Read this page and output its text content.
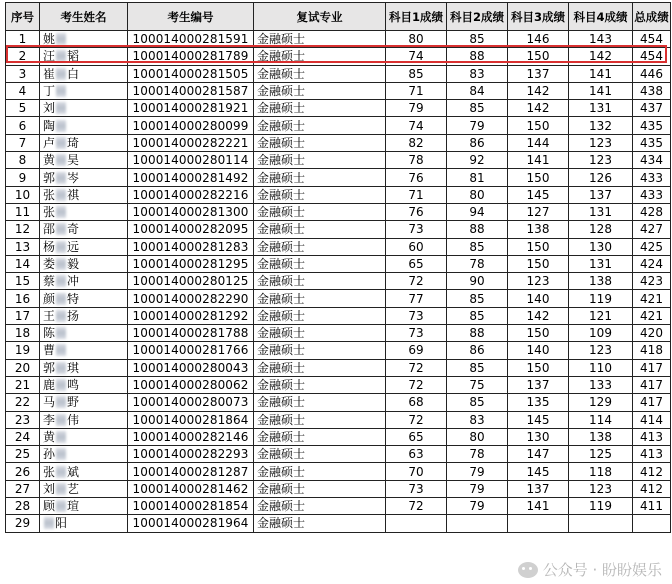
序号	考生姓名	考生编号	复试专业	科目1成绩	科目2成绩	科目3成绩	科目4成绩	总成绩
1	姚	100014000281591	金融硕士	80	85	146	143	454
2	汪 韬	100014000281789	金融硕士	74	88	150	142	454
3	崔 白	100014000281505	金融硕士	85	83	137	141	446
4	丁	100014000281587	金融硕士	71	84	142	141	438
5	刘	100014000281921	金融硕士	79	85	142	131	437
6	陶	100014000280099	金融硕士	74	79	150	132	435
7	卢 琦	100014000282221	金融硕士	82	86	144	123	435
8	黄 昊	100014000280114	金融硕士	78	92	141	123	434
9	郭 岑	100014000281492	金融硕士	76	81	150	126	433
10	张 祺	100014000282216	金融硕士	71	80	145	137	433
11	张	100014000281300	金融硕士	76	94	127	131	428
12	邵 奇	100014000282095	金融硕士	73	88	138	128	427
13	杨 远	100014000281283	金融硕士	60	85	150	130	425
14	娄 毅	100014000281295	金融硕士	65	78	150	131	424
15	蔡 冲	100014000280125	金融硕士	72	90	123	138	423
16	颜 特	100014000282290	金融硕士	77	85	140	119	421
17	王 扬	100014000281292	金融硕士	73	85	142	121	421
18	陈	100014000281788	金融硕士	73	88	150	109	420
19	曹	100014000281766	金融硕士	69	86	140	123	418
20	郭 琪	100014000280043	金融硕士	72	85	150	110	417
21	鹿 鸣	100014000280062	金融硕士	72	75	137	133	417
22	马 野	100014000280073	金融硕士	68	85	135	129	417
23	李 伟	100014000281864	金融硕士	72	83	145	114	414
24	黄	100014000282146	金融硕士	65	80	130	138	413
25	孙	100014000282293	金融硕士	63	78	147	125	413
26	张 斌	100014000281287	金融硕士	70	79	145	118	412
27	刘 艺	100014000281462	金融硕士	73	79	137	123	412
28	顾 瑄	100014000281854	金融硕士	72	79	141	119	411
29	阳	100014000281964	金融硕士					
公众号 · 盼盼娱乐
